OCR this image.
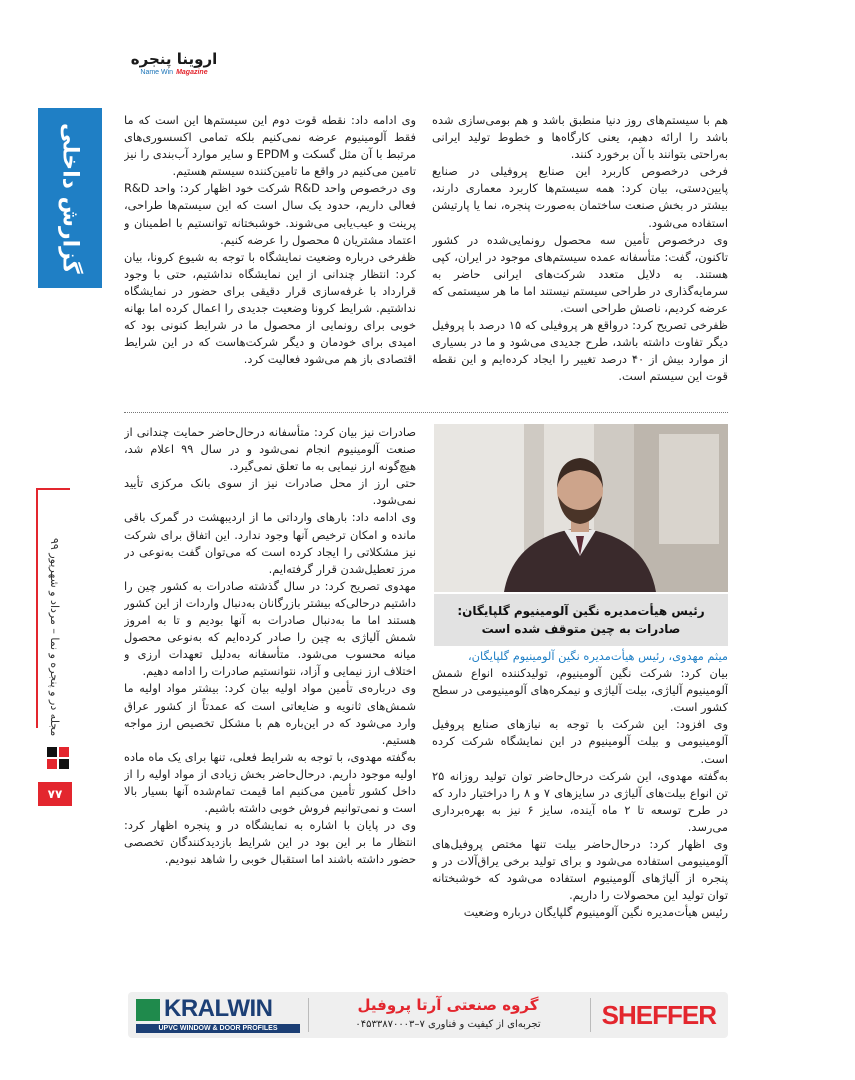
اروینا پنجره
Name Win Magazine
گزارش داخلی
مجله در و پنجره و نما – مرداد و شهریور ۹۹
۷۷

هم با سیستم‌های روز دنیا منطبق باشد و هم بومی‌سازی شده باشد را ارائه دهیم، یعنی کارگاه‌ها و خطوط تولید ایرانی به‌راحتی بتوانند با آن برخورد کنند.

فرخی درخصوص کاربرد این صنایع پروفیلی در صنایع پایین‌دستی، بیان کرد: همه سیستم‌ها کاربرد معماری دارند، بیشتر در بخش صنعت ساختمان به‌صورت پنجره، نما یا پارتیشن استفاده می‌شود.

وی درخصوص تأمین سه محصول رونمایی‌شده در کشور تاکنون، گفت: متأسفانه عمده سیستم‌های موجود در ایران، کپی هستند. به دلایل متعدد شرکت‌های ایرانی حاضر به سرمایه‌گذاری در طراحی سیستم نیستند اما ما هر سیستمی که عرضه کردیم، ناصش طراحی است.

ظفرخی تصریح کرد: درواقع هر پروفیلی که ۱۵ درصد با پروفیل دیگر تفاوت داشته باشد، طرح جدیدی می‌شود و ما در بسیاری از موارد بیش از ۴۰ درصد تغییر را ایجاد کرده‌ایم و این نقطه قوت این سیستم است.

وی ادامه داد: نقطه قوت دوم این سیستم‌ها این است که ما فقط آلومینیوم عرضه نمی‌کنیم بلکه تمامی اکسسوری‌های مرتبط با آن مثل گسکت و EPDM و سایر موارد آب‌بندی را نیز تامین می‌کنیم در واقع ما تامین‌کننده سیستم هستیم.

وی درخصوص واحد R&D شرکت خود اظهار کرد: واحد R&D فعالی داریم، حدود یک سال است که این سیستم‌ها طراحی، پرینت و عیب‌یابی می‌شوند. خوشبختانه توانستیم با اطمینان و اعتماد مشتریان ۵ محصول را عرضه کنیم.

ظفرخی درباره وضعیت نمایشگاه با توجه به شیوع کرونا، بیان کرد: انتظار چندانی از این نمایشگاه نداشتیم، حتی با وجود قرارداد با غرفه‌سازی قرار دقیقی برای حضور در نمایشگاه نداشتیم. شرایط کرونا وضعیت جدیدی را اعمال کرده اما بهانه خوبی برای رونمایی از محصول ما در شرایط کنونی بود که امیدی برای خودمان و دیگر شرکت‌هاست که در این شرایط اقتصادی باز هم می‌شود فعالیت کرد.

رئیس هیأت‌مدیره نگین آلومینیوم گلپایگان:
صادرات به چین متوقف شده است

صادرات نیز بیان کرد: متأسفانه درحال‌حاضر حمایت چندانی از صنعت آلومینیوم انجام نمی‌شود و در سال ۹۹ اعلام شد، هیچ‌گونه ارز نیمایی به ما تعلق نمی‌گیرد.

حتی ارز از محل صادرات نیز از سوی بانک مرکزی تأیید نمی‌شود.

وی ادامه داد: بارهای وارداتی ما از اردیبهشت در گمرک باقی مانده و امکان ترخیص آنها وجود ندارد. این اتفاق برای شرکت نیز مشکلاتی را ایجاد کرده است که می‌توان گفت به‌نوعی در مرز تعطیل‌شدن قرار گرفته‌ایم.

مهدوی تصریح کرد: در سال گذشته صادرات به کشور چین را داشتیم درحالی‌که بیشتر بازرگانان به‌دنبال واردات از این کشور هستند اما ما به‌دنبال صادرات به آنها بودیم و تا به امروز شمش آلیاژی به چین را صادر کرده‌ایم که به‌نوعی محصول میانه محسوب می‌شود. متأسفانه به‌دلیل تعهدات ارزی و اختلاف ارز نیمایی و آزاد، نتوانستیم صادرات را ادامه دهیم.

وی درباره‌ی تأمین مواد اولیه بیان کرد: بیشتر مواد اولیه ما شمش‌های ثانویه و ضایعاتی است که عمدتاً از کشور عراق وارد می‌شود که در این‌باره هم با مشکل تخصیص ارز مواجه هستیم.

به‌گفته مهدوی، با توجه به شرایط فعلی، تنها برای یک ماه ماده اولیه موجود داریم. درحال‌حاضر بخش زیادی از مواد اولیه را از داخل کشور تأمین می‌کنیم اما قیمت تمام‌شده آنها بسیار بالا است و نمی‌توانیم فروش خوبی داشته باشیم.

وی در پایان با اشاره به نمایشگاه در و پنجره اظهار کرد: انتظار ما بر این بود در این شرایط بازدیدکنندگان تخصصی حضور داشته باشند اما استقبال خوبی را شاهد نبودیم.

میثم مهدوی، رئیس هیأت‌مدیره نگین آلومینیوم گلپایگان،

بیان کرد: شرکت نگین آلومینیوم، تولیدکننده انواع شمش آلومینیوم آلیاژی، بیلت آلیاژی و نیمکره‌های آلومینیومی در سطح کشور است.

وی افزود: این شرکت با توجه به نیازهای صنایع پروفیل آلومینیومی و بیلت آلومینیوم در این نمایشگاه شرکت کرده است.

به‌گفته مهدوی، این شرکت درحال‌حاضر توان تولید روزانه ۲۵ تن انواع بیلت‌های آلیاژی در سایزهای ۷ و ۸ را دراختیار دارد که در طرح توسعه تا ۲ ماه آینده، سایز ۶ نیز به بهره‌برداری می‌رسد.

وی اظهار کرد: درحال‌حاضر بیلت تنها مختص پروفیل‌های آلومینیومی استفاده می‌شود و برای تولید برخی یراق‌آلات در و پنجره از آلیاژهای آلومینیوم استفاده می‌شود که خوشبختانه توان تولید این محصولات را داریم.

رئیس هیأت‌مدیره نگین آلومینیوم گلپایگان درباره وضعیت

KRALWIN
UPVC WINDOW & DOOR PROFILES
گروه صنعتی آرتا پروفیل
تجربه‌ای از کیفیت و فناوری ۷–۰۴۵۳۳۸۷۰۰۰۳	SHEFFER
